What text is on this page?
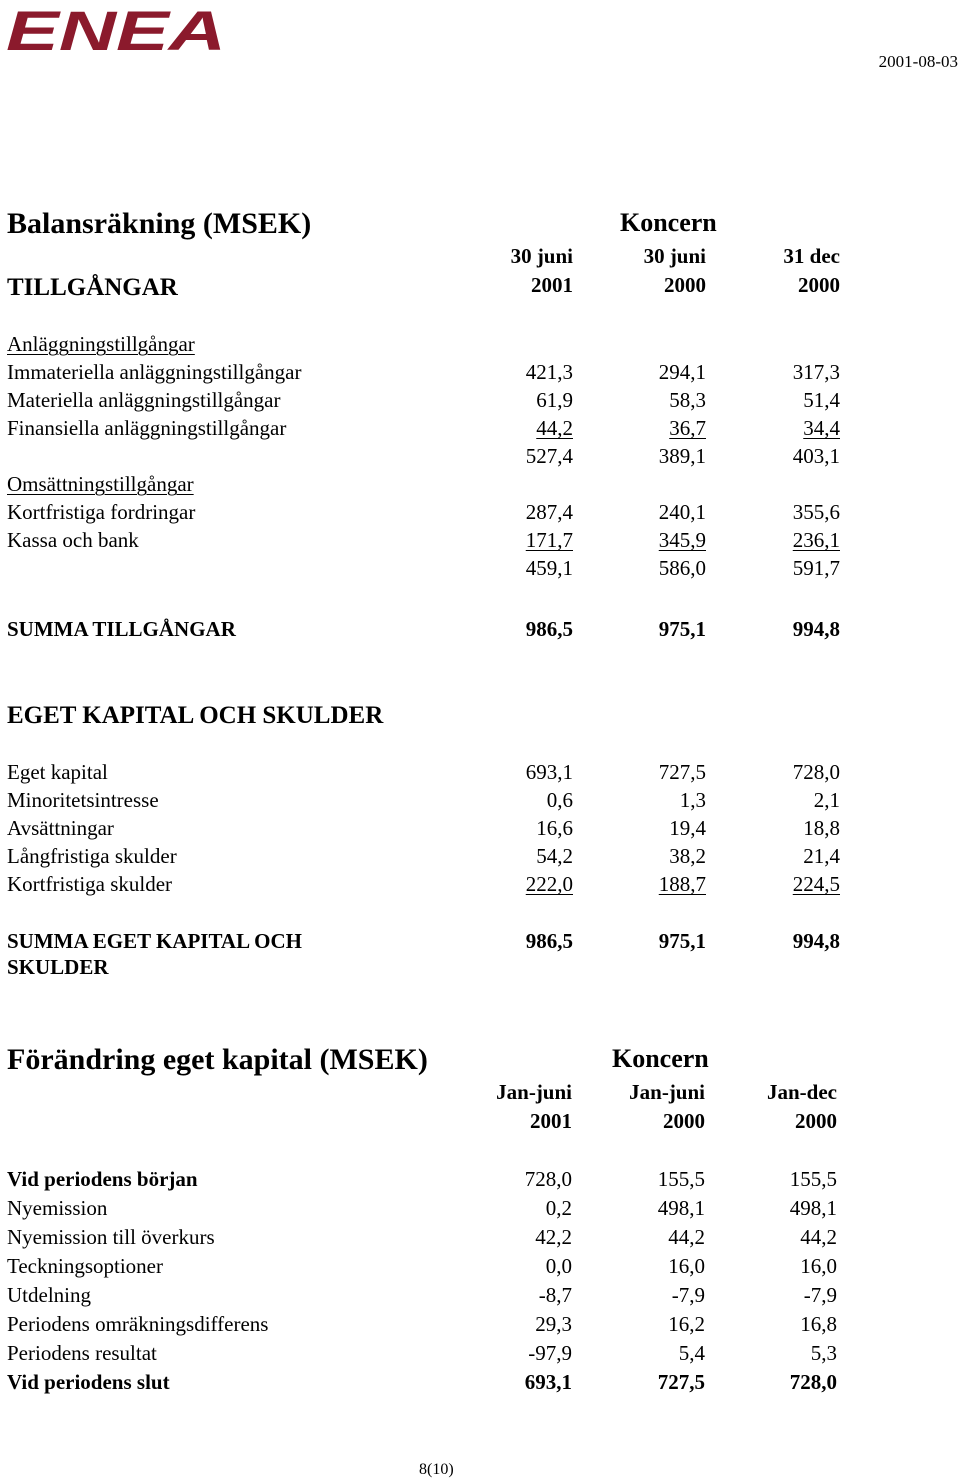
ENEA	2001-08-03
Balansräkning (MSEK)	Koncern
30 juni	30 juni	31 dec
TILLGÅNGAR	2001	2000	2000
Anläggningstillgångar
Immateriella anläggningstillgångar	421,3	294,1	317,3
Materiella anläggningstillgångar	61,9	58,3	51,4
Finansiella anläggningstillgångar	44,2	36,7	34,4
527,4	389,1	403,1
Omsättningstillgångar
Kortfristiga fordringar	287,4	240,1	355,6
Kassa och bank	171,7	345,9	236,1
459,1	586,0	591,7
SUMMA TILLGÅNGAR	986,5	975,1	994,8
EGET KAPITAL OCH SKULDER
Eget kapital	693,1	727,5	728,0
Minoritetsintresse	0,6	1,3	2,1
Avsättningar	16,6	19,4	18,8
Långfristiga skulder	54,2	38,2	21,4
Kortfristiga skulder	222,0	188,7	224,5
SUMMA EGET KAPITAL OCH
SKULDER
986,5	975,1	994,8
Förändring eget kapital (MSEK)	Koncern
Jan-juni	Jan-juni	Jan-dec
2001	2000	2000
Vid periodens början	728,0	155,5	155,5
Nyemission	0,2	498,1	498,1
Nyemission till överkurs	42,2	44,2	44,2
Teckningsoptioner	0,0	16,0	16,0
Utdelning	-8,7	-7,9	-7,9
Periodens omräkningsdifferens	29,3	16,2	16,8
Periodens resultat	-97,9	5,4	5,3
Vid periodens slut	693,1	727,5	728,0
8(10)
